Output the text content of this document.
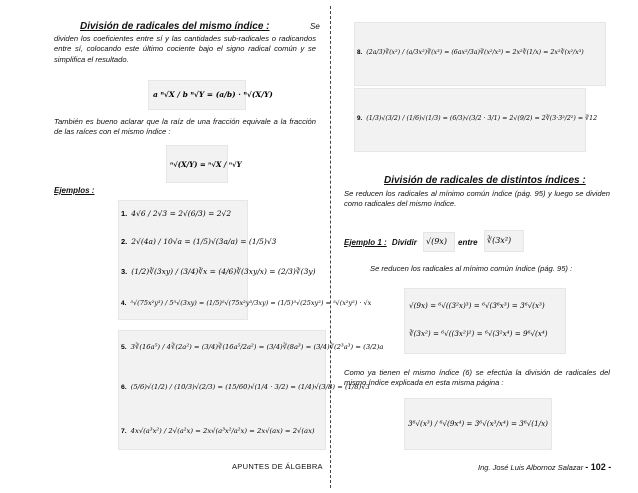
División de radicales del mismo índice :	Se
dividen los coeficientes entre sí y las cantidades sub-radicales o radicandos entre sí, colocando este último cociente bajo el signo radical común y se simplifica el resultado.
a ⁿ√X / b ⁿ√Y = (a/b) · ⁿ√(X/Y)
También es bueno aclarar que la raíz de una fracción equivale a la fracción de las raíces con el mismo índice :
ⁿ√(X/Y) = ⁿ√X / ⁿ√Y
Ejemplos :
1. 4√6 / 2√3 = 2√(6/3) = 2√2
2. 2√(4a) / 10√a = (1/5)√(3a/a) = (1/5)√3
3. (1/2)∛(3xy) / (3/4)∛x = (4/6)∛(3xy/x) = (2/3)∛(3y)
4. ⁵√(75x²y³) / 5⁵√(3xy) = (1/5)⁵√(75x²y³/3xy) = (1/5)⁵√(25xy²) = ⁵√(x²y²) · √x
5. 3∛(16a⁵) / 4∛(2a²) = (3/4)∛(16a⁵/2a²) = (3/4)∛(8a³) = (3/4)∛(2³a³) = (3/2)a
6. (5/6)√(1/2) / (10/3)√(2/3) = (15/60)√(1/4 · 3/2) = (1/4)√(3/8) = (1/8)√3
7. 4x√(a³x²) / 2√(a²x) = 2x√(a³x²/a²x) = 2x√(ax) = 2√(ax)
8. (2a/3)∛(x²) / (a/3x²)∛(x³) = (6ax²/3a)∛(x²/x³) = 2x²∛(1/x) = 2x²∛(x²/x³)
9. (1/3)√(3/2) / (1/6)√(1/3) = (6/3)√(3/2 · 3/1) = 2√(9/2) = 2∛(3·3²/2²) = ∛12
División de radicales de distintos índices :
Se reducen los radicales al mínimo común índice (pág. 95) y luego se dividen como radicales del mismo índice.
Ejemplo 1 : Dividir √(9x) entre ∛(3x²)
Se reducen los radicales al mínimo común índice (pág. 95) :
√(9x) = ⁶√((3²x)³) = ⁶√(3⁶x³) = 3⁶√(x³)
∛(3x²) = ⁶√((3x²)²) = ⁶√(3²x⁴) = 9⁶√(x⁴)
Como ya tienen el mismo índice (6) se efectúa la división de radicales del mismo índice explicada en esta misma página :
3⁶√(x³) / ⁶√(9x⁴) = 3⁶√(x³/x⁴) = 3⁶√(1/x)
APUNTES DE ÁLGEBRA	Ing. José Luis Albornoz Salazar - 102 -
